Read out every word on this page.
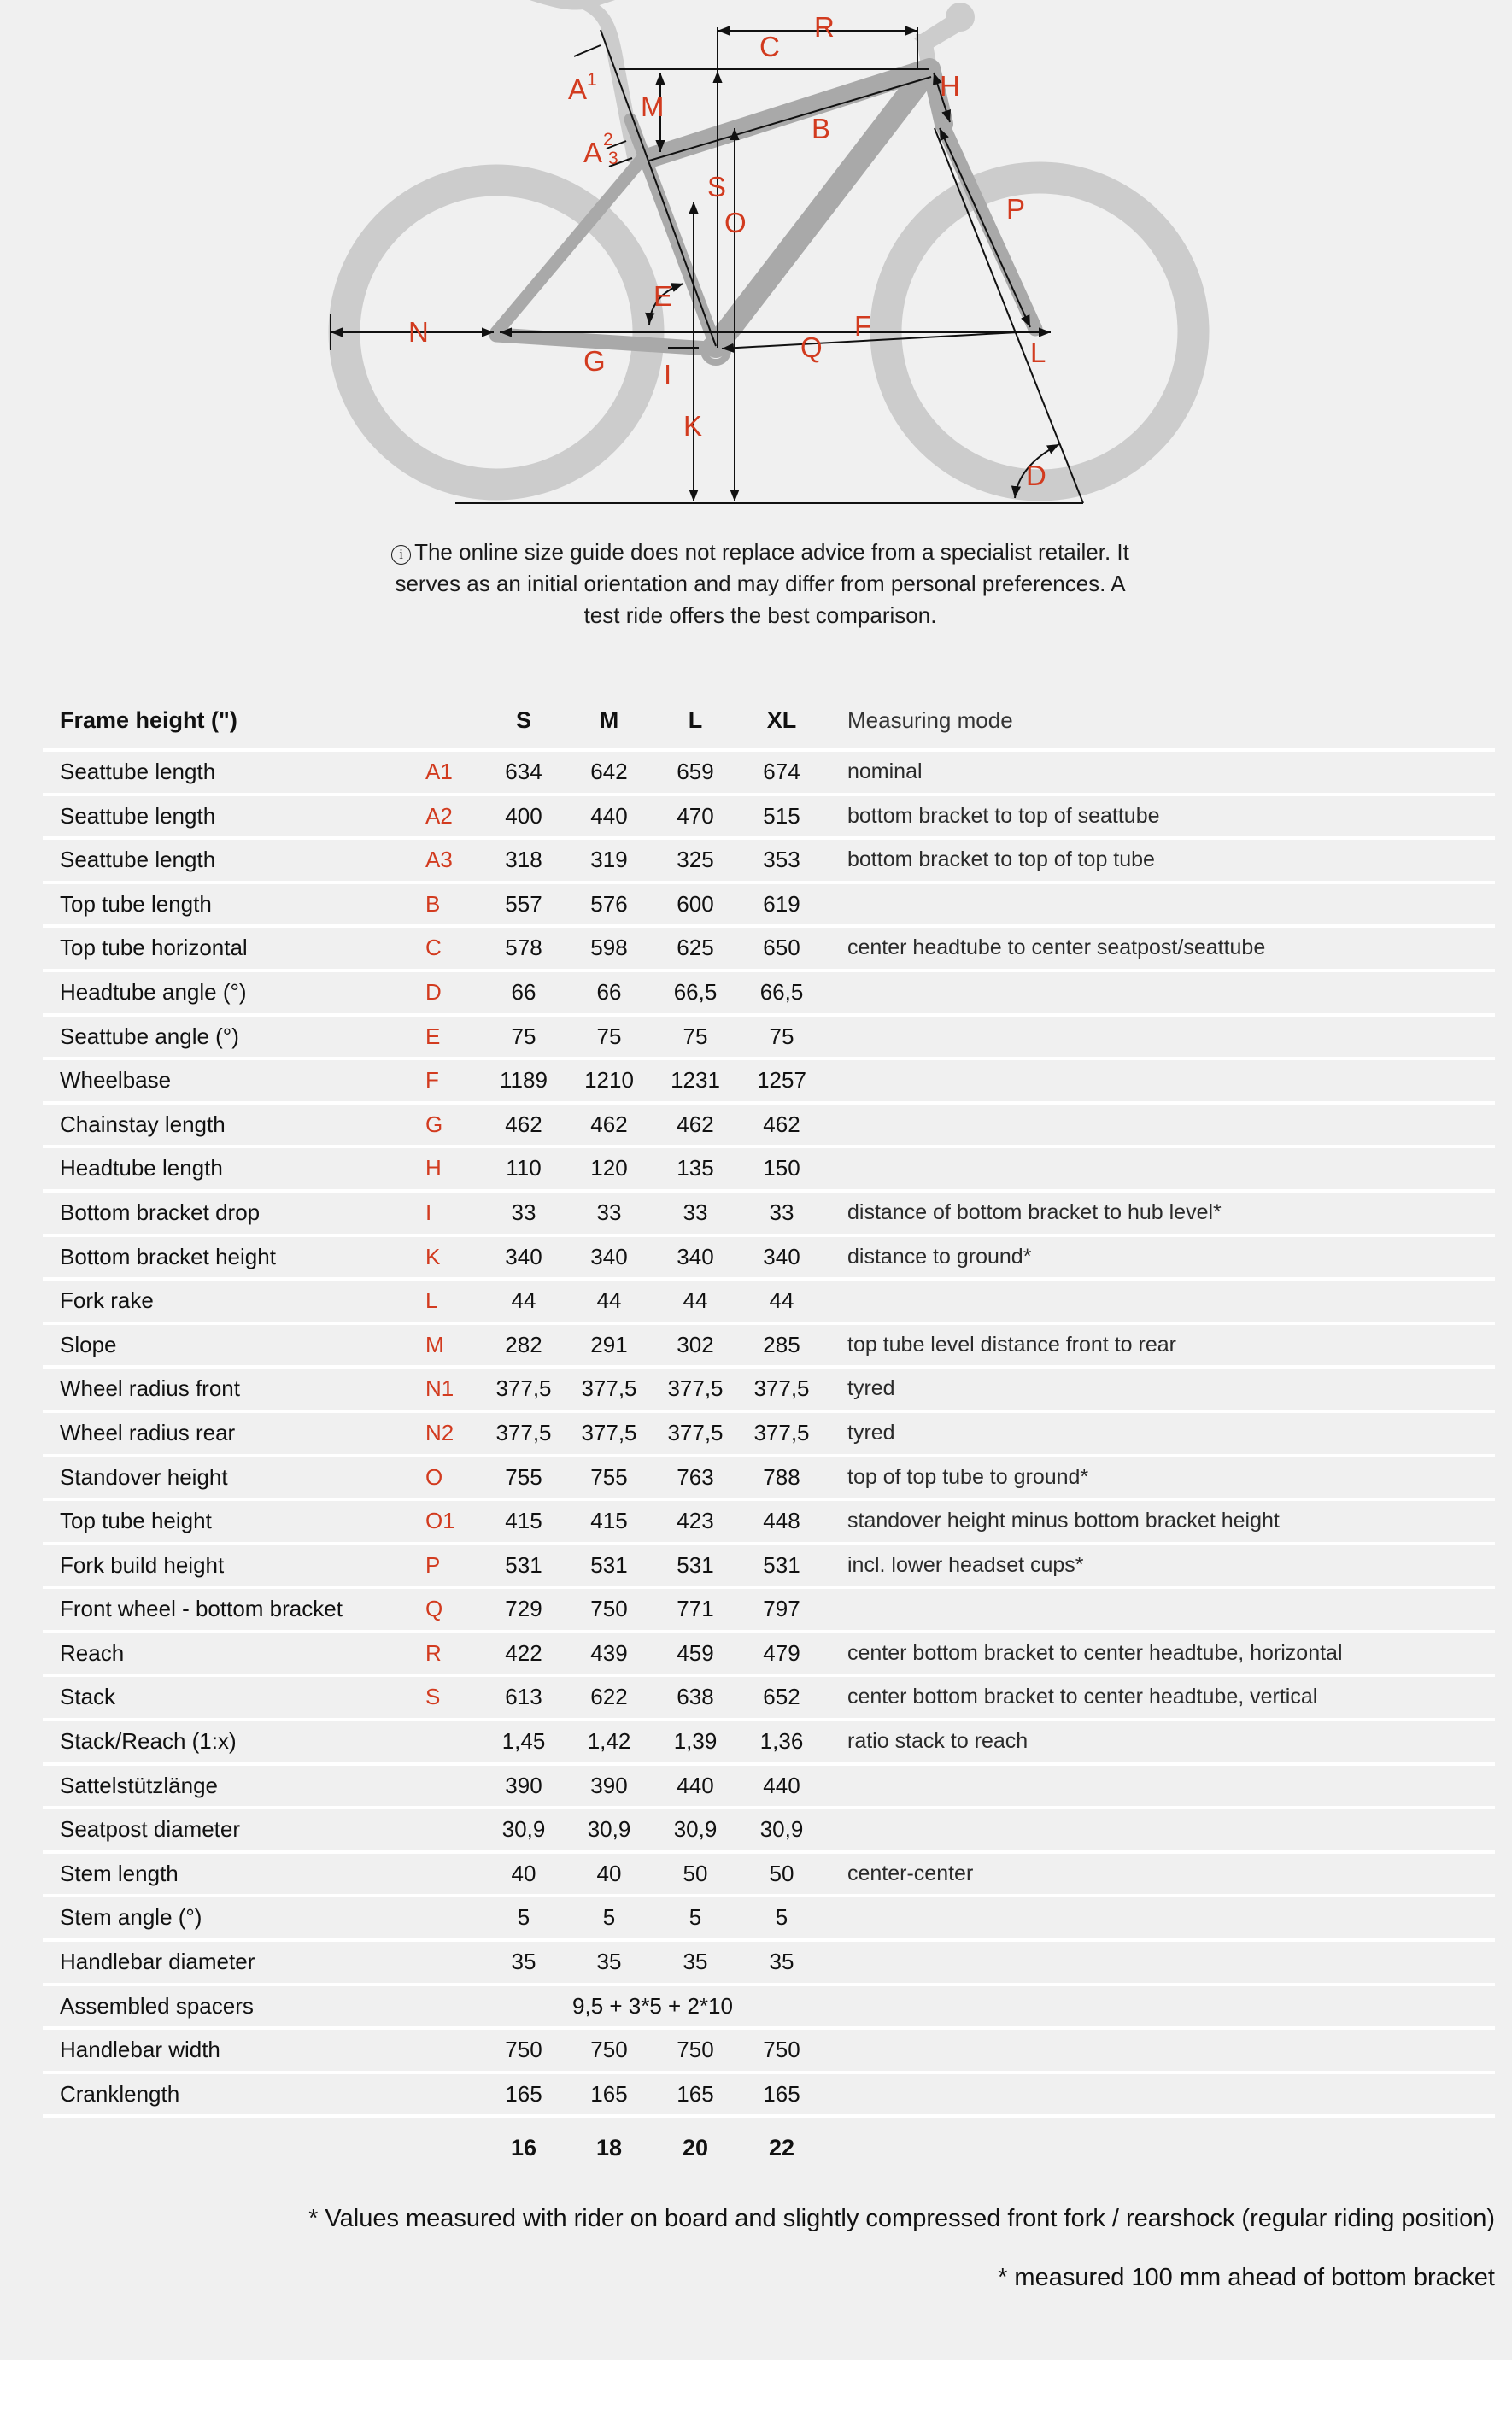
A 1
M
2
A 3
C
R
B
H
S
O	P
E
N
G I
F
Q	L
K
D
i The online size guide does not replace advice from a specialist retailer. It serves as an initial orientation and may differ from personal preferences. A test ride offers the best comparison.
Frame height (")	S	M	L	XL	Measuring mode
Seattube length	A1	634	642	659	674	nominal
Seattube length	A2	400	440	470	515	bottom bracket to top of seattube
Seattube length	A3	318	319	325	353	bottom bracket to top of top tube
Top tube length	B	557	576	600	619
Top tube horizontal	C	578	598	625	650	center headtube to center seatpost/seattube
Headtube angle (°)	D	66	66	66,5	66,5
Seattube angle (°)	E	75	75	75	75
Wheelbase	F	1189	1210	1231	1257
Chainstay length	G	462	462	462	462
Headtube length	H	110	120	135	150
Bottom bracket drop	I	33	33	33	33	distance of bottom bracket to hub level*
Bottom bracket height	K	340	340	340	340	distance to ground*
Fork rake	L	44	44	44	44
Slope	M	282	291	302	285	top tube level distance front to rear
Wheel radius front	N1	377,5	377,5	377,5	377,5	tyred
Wheel radius rear	N2	377,5	377,5	377,5	377,5	tyred
Standover height	O	755	755	763	788	top of top tube to ground*
Top tube height	O1	415	415	423	448	standover height minus bottom bracket height
Fork build height	P	531	531	531	531	incl. lower headset cups*
Front wheel - bottom bracket	Q	729	750	771	797
Reach	R	422	439	459	479	center bottom bracket to center headtube, horizontal
Stack	S	613	622	638	652	center bottom bracket to center headtube, vertical
Stack/Reach (1:x)	1,45	1,42	1,39	1,36	ratio stack to reach
Sattelstützlänge	390	390	440	440
Seatpost diameter	30,9	30,9	30,9	30,9
Stem length	40	40	50	50	center-center
Stem angle (°)	5	5	5	5
Handlebar diameter	35	35	35	35
Assembled spacers	9,5 + 3*5 + 2*10
Handlebar width	750	750	750	750
Cranklength	165	165	165	165
16	18	20	22
* Values measured with rider on board and slightly compressed front fork / rearshock (regular riding position)
* measured 100 mm ahead of bottom bracket
